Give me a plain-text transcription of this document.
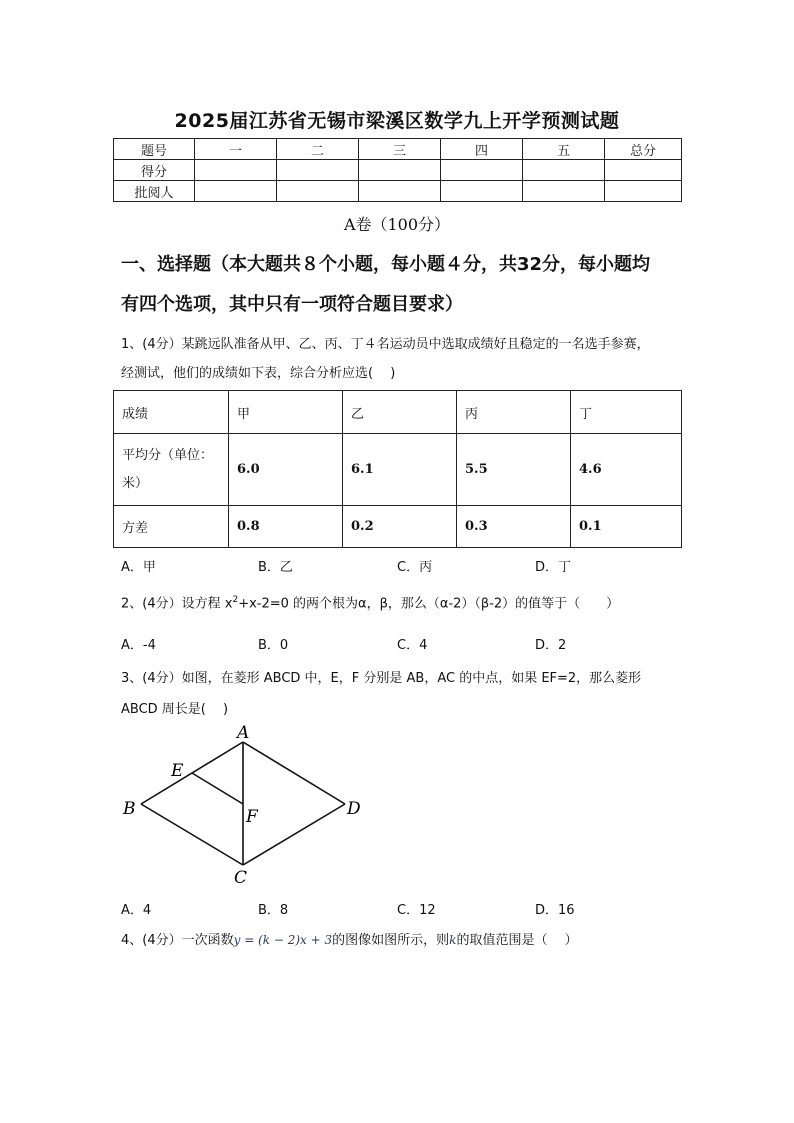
2025届江苏省无锡市梁溪区数学九上开学预测试题
题号	一	二	三	四	五	总分
得分						
批阅人						
A卷（100分）
一、选择题（本大题共８个小题，每小题４分，共32分，每小题均
有四个选项，其中只有一项符合题目要求）
1、(4分）某跳远队准备从甲、乙、丙、丁４名运动员中选取成绩好且稳定的一名选手参赛，
经测试，他们的成绩如下表，综合分析应选(　 )
成绩	甲	乙	丙	丁
平均分（单位：
米）	6.0	6.1	5.5	4.6
方差	0.8	0.2	0.3	0.1
A．甲	B．乙	C．丙	D．丁
2、(4分）设方程 $x^2+x-2=0$ 的两个根为α，β，那么（α-2）（β-2）的值等于（　　）
A．-4	B．0	C．4	D．2
3、(4分）如图，在菱形 ABCD 中，E，F 分别是 AB，AC 的中点，如果 EF=2，那么菱形
ABCD 周长是(　 )
A
B
C
D
E
F
A．4	B．8	C．12	D．16
4、(4分）一次函数y = (k − 2)x + 3的图像如图所示，则k的取值范围是（　 ）
